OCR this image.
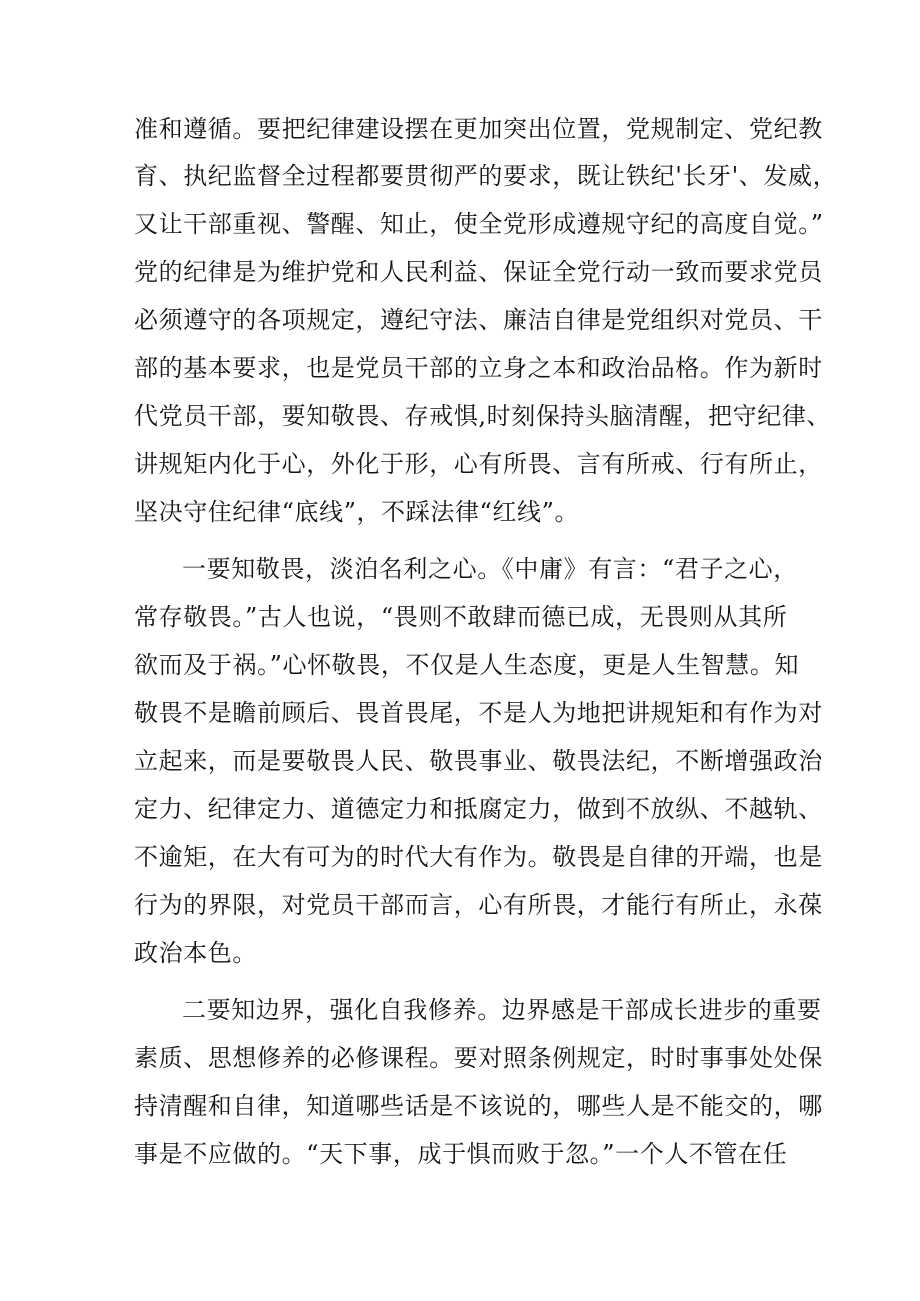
准和遵循。要把纪律建设摆在更加突出位置，党规制定、党纪教
育、执纪监督全过程都要贯彻严的要求，既让铁纪'长牙'、发威，
又让干部重视、警醒、知止，使全党形成遵规守纪的高度自觉。”
党的纪律是为维护党和人民利益、保证全党行动一致而要求党员
必须遵守的各项规定，遵纪守法、廉洁自律是党组织对党员、干
部的基本要求，也是党员干部的立身之本和政治品格。作为新时
代党员干部，要知敬畏、存戒惧,时刻保持头脑清醒，把守纪律、
讲规矩内化于心，外化于形，心有所畏、言有所戒、行有所止，
坚决守住纪律“底线”，不踩法律“红线”。
一要知敬畏，淡泊名利之心。《中庸》有言：“君子之心，
常存敬畏。”古人也说，“畏则不敢肆而德已成，无畏则从其所
欲而及于祸。”心怀敬畏，不仅是人生态度，更是人生智慧。知
敬畏不是瞻前顾后、畏首畏尾，不是人为地把讲规矩和有作为对
立起来，而是要敬畏人民、敬畏事业、敬畏法纪，不断增强政治
定力、纪律定力、道德定力和抵腐定力，做到不放纵、不越轨、
不逾矩，在大有可为的时代大有作为。敬畏是自律的开端，也是
行为的界限，对党员干部而言，心有所畏，才能行有所止，永葆
政治本色。
二要知边界，强化自我修养。边界感是干部成长进步的重要
素质、思想修养的必修课程。要对照条例规定，时时事事处处保
持清醒和自律，知道哪些话是不该说的，哪些人是不能交的，哪
事是不应做的。“天下事，成于惧而败于忽。”一个人不管在任
